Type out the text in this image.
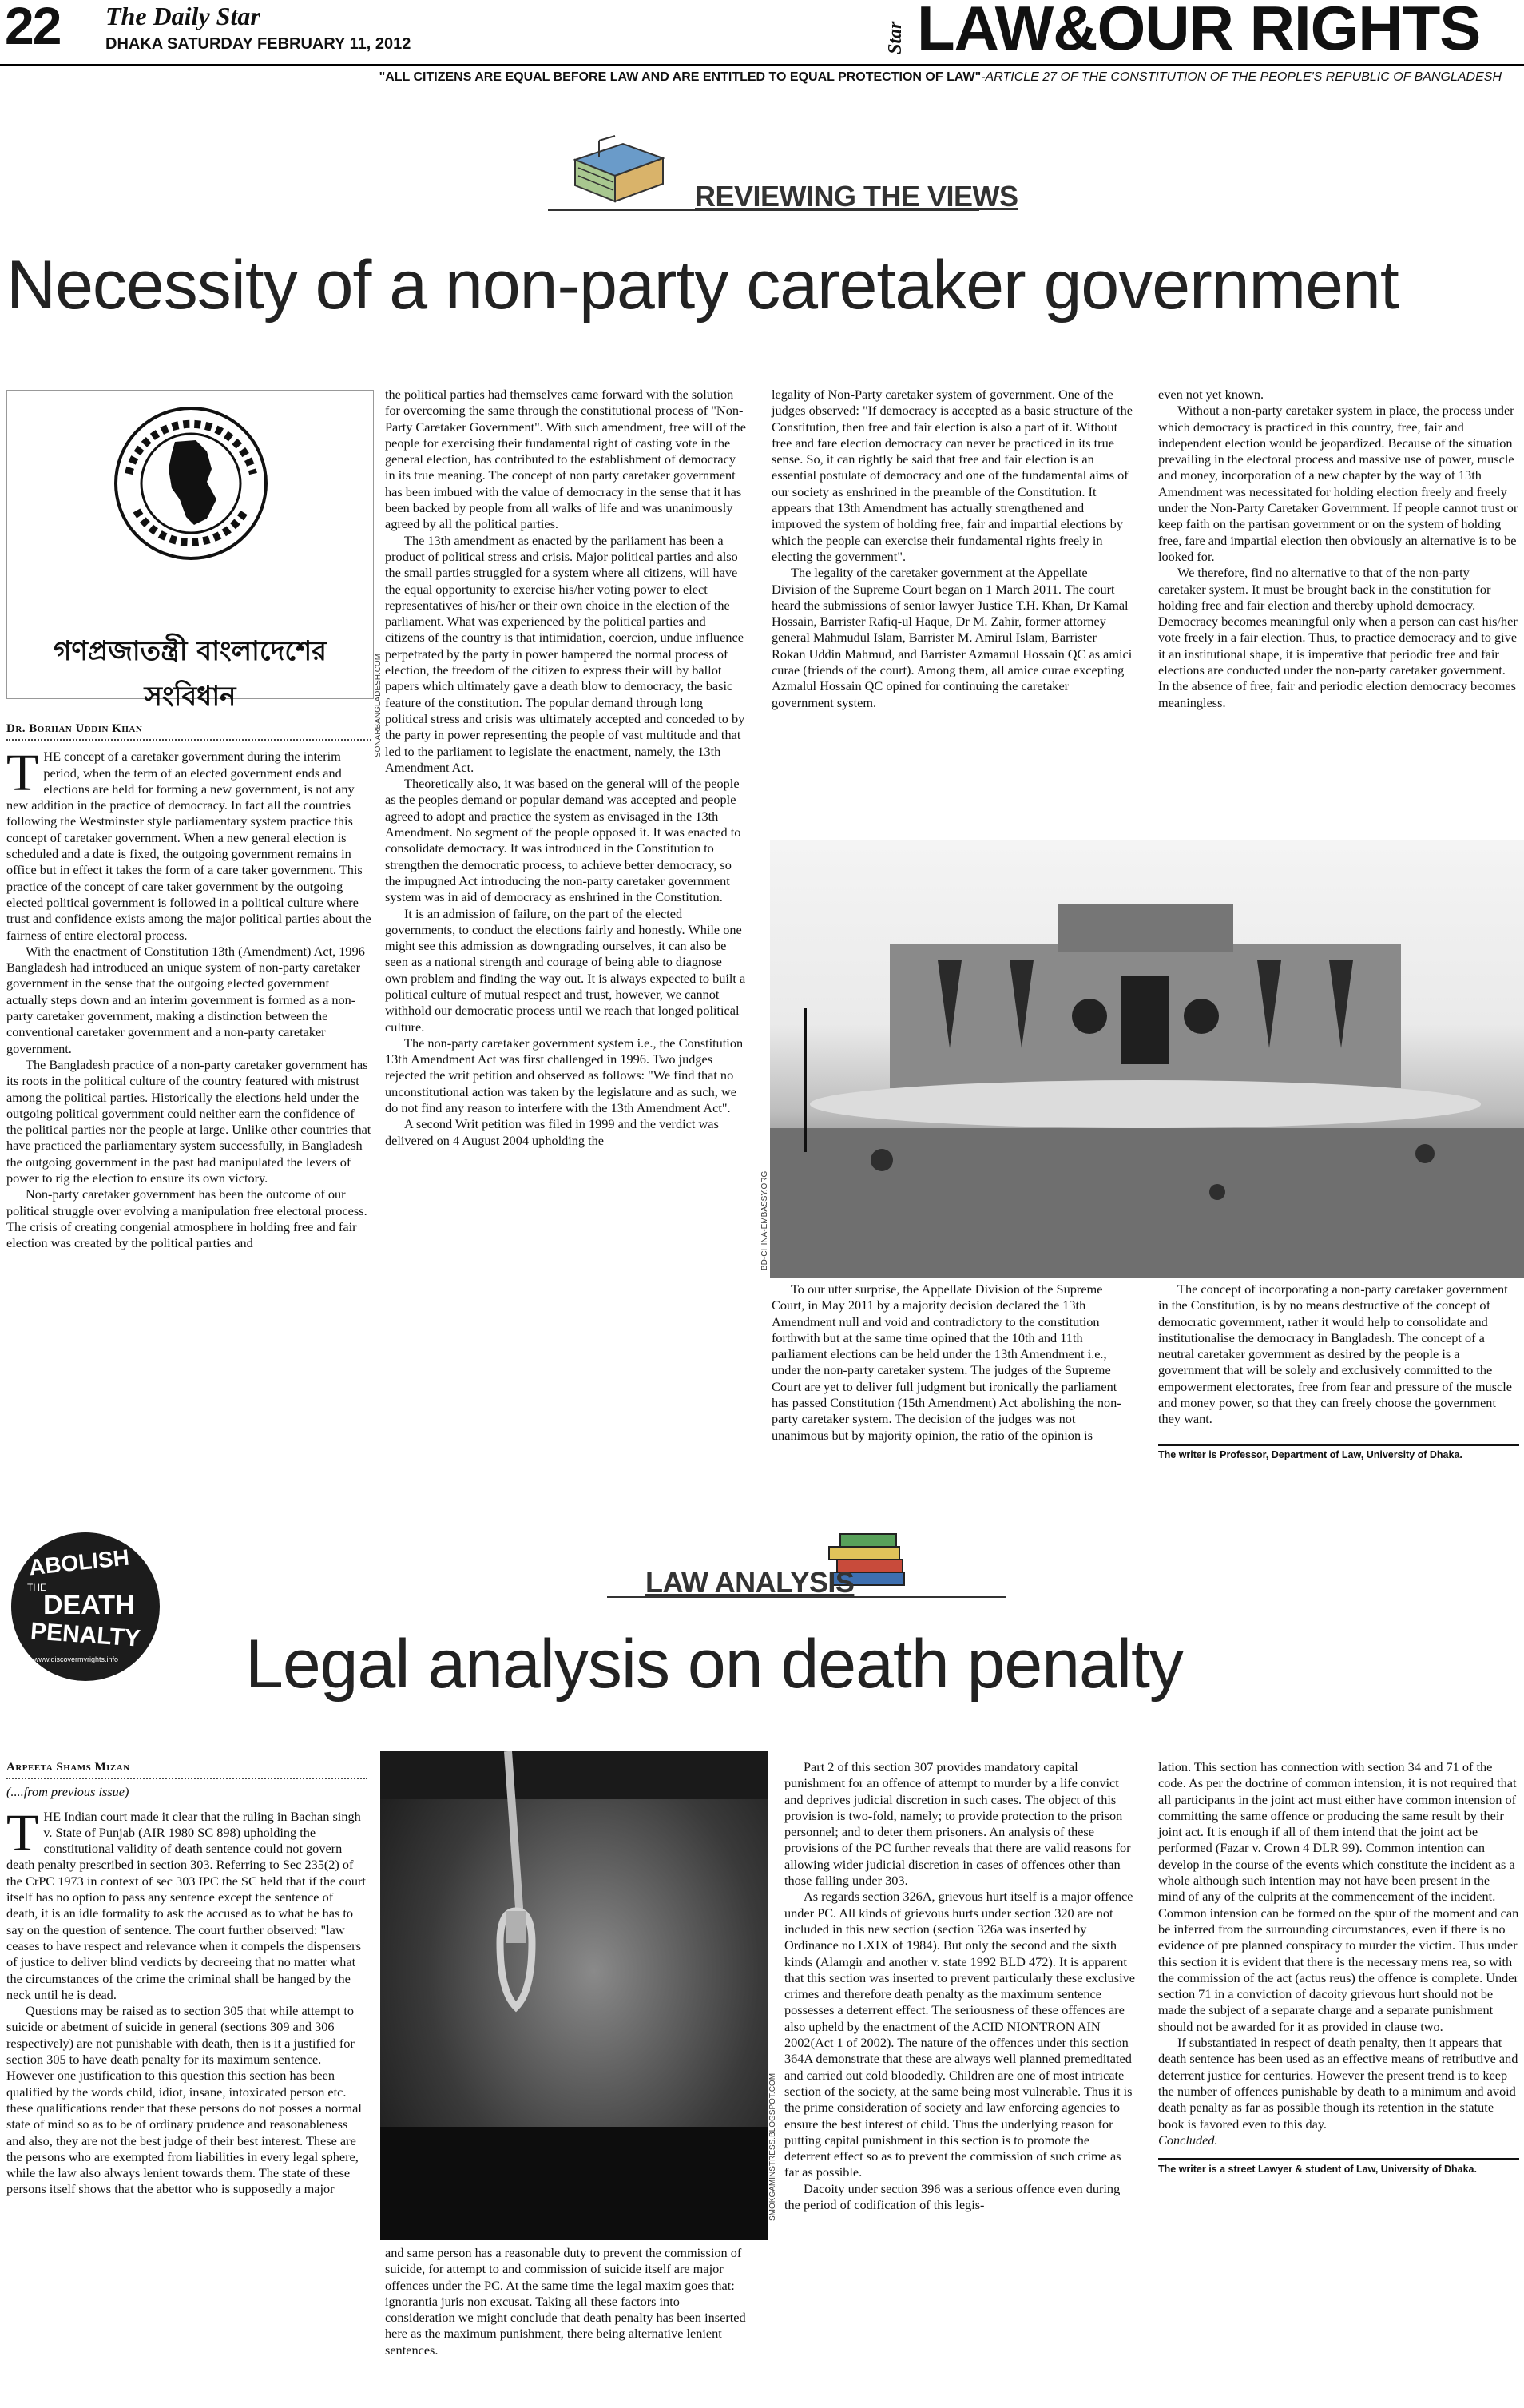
22 The Daily Star
DHAKA SATURDAY FEBRUARY 11, 2012	Star LAW&OUR RIGHTS
"ALL CITIZENS ARE EQUAL BEFORE LAW AND ARE ENTITLED TO EQUAL PROTECTION OF LAW"-ARTICLE 27 OF THE CONSTITUTION OF THE PEOPLE'S REPUBLIC OF BANGLADESH
REVIEWING THE VIEWS
Necessity of a non-party caretaker government
গণপ্রজাতন্ত্রী বাংলাদেশের সংবিধান	SONARBANGLADESH.COM
Dr. Borhan Uddin Khan
T HE concept of a caretaker government during the interim period, when the term of an elected government ends and elections are held for forming a new government, is not any new addition in the practice of democracy. In fact all the countries following the Westminster style parliamentary system practice this concept of caretaker government. When a new general election is scheduled and a date is fixed, the outgoing government remains in office but in effect it takes the form of a care taker government. This practice of the concept of care taker government by the outgoing elected political government is followed in a political culture where trust and confidence exists among the major political parties about the fairness of entire electoral process.

With the enactment of Constitution 13th (Amendment) Act, 1996 Bangladesh had introduced an unique system of non-party caretaker government in the sense that the outgoing elected government actually steps down and an interim government is formed as a non-party caretaker government, making a distinction between the conventional caretaker government and a non-party caretaker government.

The Bangladesh practice of a non-party caretaker government has its roots in the political culture of the country featured with mistrust among the political parties. Historically the elections held under the outgoing political government could neither earn the confidence of the political parties nor the people at large. Unlike other countries that have practiced the parliamentary system successfully, in Bangladesh the outgoing government in the past had manipulated the levers of power to rig the election to ensure its own victory.

Non-party caretaker government has been the outcome of our political struggle over evolving a manipulation free electoral process. The crisis of creating congenial atmosphere in holding free and fair election was created by the political parties and

the political parties had themselves came forward with the solution for overcoming the same through the constitutional process of "Non-Party Caretaker Government". With such amendment, free will of the people for exercising their fundamental right of casting vote in the general election, has contributed to the establishment of democracy in its true meaning. The concept of non party caretaker government has been imbued with the value of democracy in the sense that it has been backed by people from all walks of life and was unanimously agreed by all the political parties.

The 13th amendment as enacted by the parliament has been a product of political stress and crisis. Major political parties and also the small parties struggled for a system where all citizens, will have the equal opportunity to exercise his/her voting power to elect representatives of his/her or their own choice in the election of the parliament. What was experienced by the political parties and citizens of the country is that intimidation, coercion, undue influence perpetrated by the party in power hampered the normal process of election, the freedom of the citizen to express their will by ballot papers which ultimately gave a death blow to democracy, the basic feature of the constitution. The popular demand through long political stress and crisis was ultimately accepted and conceded to by the party in power representing the people of vast multitude and that led to the parliament to legislate the enactment, namely, the 13th Amendment Act.

Theoretically also, it was based on the general will of the people as the peoples demand or popular demand was accepted and people agreed to adopt and practice the system as envisaged in the 13th Amendment. No segment of the people opposed it. It was enacted to consolidate democracy. It was introduced in the Constitution to strengthen the democratic process, to achieve better democracy, so the impugned Act introducing the non-party caretaker government system was in aid of democracy as enshrined in the Constitution.

It is an admission of failure, on the part of the elected governments, to conduct the elections fairly and honestly. While one might see this admission as downgrading ourselves, it can also be seen as a national strength and courage of being able to diagnose own problem and finding the way out. It is always expected to built a political culture of mutual respect and trust, however, we cannot withhold our democratic process until we reach that longed political culture.

The non-party caretaker government system i.e., the Constitution 13th Amendment Act was first challenged in 1996. Two judges rejected the writ petition and observed as follows: "We find that no unconstitutional action was taken by the legislature and as such, we do not find any reason to interfere with the 13th Amendment Act".

A second Writ petition was filed in 1999 and the verdict was delivered on 4 August 2004 upholding the

legality of Non-Party caretaker system of government. One of the judges observed: "If democracy is accepted as a basic structure of the Constitution, then free and fair election is also a part of it. Without free and fare election democracy can never be practiced in its true sense. So, it can rightly be said that free and fair election is an essential postulate of democracy and one of the fundamental aims of our society as enshrined in the preamble of the Constitution. It appears that 13th Amendment has actually strengthened and improved the system of holding free, fair and impartial elections by which the people can exercise their fundamental rights freely in electing the government".

The legality of the caretaker government at the Appellate Division of the Supreme Court began on 1 March 2011. The court heard the submissions of senior lawyer Justice T.H. Khan, Dr Kamal Hossain, Barrister Rafiq-ul Haque, Dr M. Zahir, former attorney general Mahmudul Islam, Barrister M. Amirul Islam, Barrister Rokan Uddin Mahmud, and Barrister Azmamul Hossain QC as amici curae (friends of the court). Among them, all amice curae excepting Azmalul Hossain QC opined for continuing the caretaker government system.

even not yet known.

Without a non-party caretaker system in place, the process under which democracy is practiced in this country, free, fair and independent election would be jeopardized. Because of the situation prevailing in the electoral process and massive use of power, muscle and money, incorporation of a new chapter by the way of 13th Amendment was necessitated for holding election freely and freely under the Non-Party Caretaker Government. If people cannot trust or keep faith on the partisan government or on the system of holding free, fare and impartial election then obviously an alternative is to be looked for.

We therefore, find no alternative to that of the non-party caretaker system. It must be brought back in the constitution for holding free and fair election and thereby uphold democracy. Democracy becomes meaningful only when a person can cast his/her vote freely in a fair election. Thus, to practice democracy and to give it an institutional shape, it is imperative that periodic free and fair elections are conducted under the non-party caretaker government. In the absence of free, fair and periodic election democracy becomes meaningless.

BD-CHINA-EMBASSY.ORG

To our utter surprise, the Appellate Division of the Supreme Court, in May 2011 by a majority decision declared the 13th Amendment null and void and contradictory to the constitution forthwith but at the same time opined that the 10th and 11th parliament elections can be held under the 13th Amendment i.e., under the non-party caretaker system. The judges of the Supreme Court are yet to deliver full judgment but ironically the parliament has passed Constitution (15th Amendment) Act abolishing the non-party caretaker system. The decision of the judges was not unanimous but by majority opinion, the ratio of the opinion is

The concept of incorporating a non-party caretaker government in the Constitution, is by no means destructive of the concept of democratic government, rather it would help to consolidate and institutionalise the democracy in Bangladesh. The concept of a neutral caretaker government as desired by the people is a government that will be solely and exclusively committed to the empowerment electorates, free from fear and pressure of the muscle and money power, so that they can freely choose the government they want.

The writer is Professor, Department of Law, University of Dhaka.
ABOLISH
THE
DEATH
PENALTY
www.discovermyrights.info
LAW ANALYSIS
Legal analysis on death penalty
Arpeeta Shams Mizan
(....from previous issue)
T HE Indian court made it clear that the ruling in Bachan singh v. State of Punjab (AIR 1980 SC 898) upholding the constitutional validity of death sentence could not govern death penalty prescribed in section 303. Referring to Sec 235(2) of the CrPC 1973 in context of sec 303 IPC the SC held that if the court itself has no option to pass any sentence except the sentence of death, it is an idle formality to ask the accused as to what he has to say on the question of sentence. The court further observed: "law ceases to have respect and relevance when it compels the dispensers of justice to deliver blind verdicts by decreeing that no matter what the circumstances of the crime the criminal shall be hanged by the neck until he is dead.

Questions may be raised as to section 305 that while attempt to suicide or abetment of suicide in general (sections 309 and 306 respectively) are not punishable with death, then is it a justified for section 305 to have death penalty for its maximum sentence. However one justification to this question this section has been qualified by the words child, idiot, insane, intoxicated person etc. these qualifications render that these persons do not posses a normal state of mind so as to be of ordinary prudence and reasonableness and also, they are not the best judge of their best interest. These are the persons who are exempted from liabilities in every legal sphere, while the law also always lenient towards them. The state of these persons itself shows that the abettor who is supposedly a major	SMOKGAMINSTRESS.BLOGSPOT.COM

and same person has a reasonable duty to prevent the commission of suicide, for attempt to and commission of suicide itself are major offences under the PC. At the same time the legal maxim goes that: ignorantia juris non excusat. Taking all these factors into consideration we might conclude that death penalty has been inserted here as the maximum punishment, there being alternative lenient sentences.

Part 2 of this section 307 provides mandatory capital punishment for an offence of attempt to murder by a life convict and deprives judicial discretion in such cases. The object of this provision is two-fold, namely; to provide protection to the prison personnel; and to deter them prisoners. An analysis of these provisions of the PC further reveals that there are valid reasons for allowing wider judicial discretion in cases of offences other than those falling under 303.

As regards section 326A, grievous hurt itself is a major offence under PC. All kinds of grievous hurts under section 320 are not included in this new section (section 326a was inserted by Ordinance no LXIX of 1984). But only the second and the sixth kinds (Alamgir and another v. state 1992 BLD 472). It is apparent that this section was inserted to prevent particularly these exclusive crimes and therefore death penalty as the maximum sentence possesses a deterrent effect. The seriousness of these offences are also upheld by the enactment of the ACID NIONTRON AIN 2002(Act 1 of 2002). The nature of the offences under this section 364A demonstrate that these are always well planned premeditated and carried out cold bloodedly. Children are one of most intricate section of the society, at the same being most vulnerable. Thus it is the prime consideration of society and law enforcing agencies to ensure the best interest of child. Thus the underlying reason for putting capital punishment in this section is to promote the deterrent effect so as to prevent the commission of such crime as far as possible.

Dacoity under section 396 was a serious offence even during the period of codification of this legis-

lation. This section has connection with section 34 and 71 of the code. As per the doctrine of common intension, it is not required that all participants in the joint act must either have common intension of committing the same offence or producing the same result by their joint act. It is enough if all of them intend that the joint act be performed (Fazar v. Crown 4 DLR 99). Common intention can develop in the course of the events which constitute the incident as a whole although such intention may not have been present in the mind of any of the culprits at the commencement of the incident. Common intension can be formed on the spur of the moment and can be inferred from the surrounding circumstances, even if there is no evidence of pre planned conspiracy to murder the victim. Thus under this section it is evident that there is the necessary mens rea, so with the commission of the act (actus reus) the offence is complete. Under section 71 in a conviction of dacoity grievous hurt should not be made the subject of a separate charge and a separate punishment should not be awarded for it as provided in clause two.

If substantiated in respect of death penalty, then it appears that death sentence has been used as an effective means of retributive and deterrent justice for centuries. However the present trend is to keep the number of offences punishable by death to a minimum and avoid death penalty as far as possible though its retention in the statute book is favored even to this day.

Concluded.
The writer is a street Lawyer & student of Law, University of Dhaka.
